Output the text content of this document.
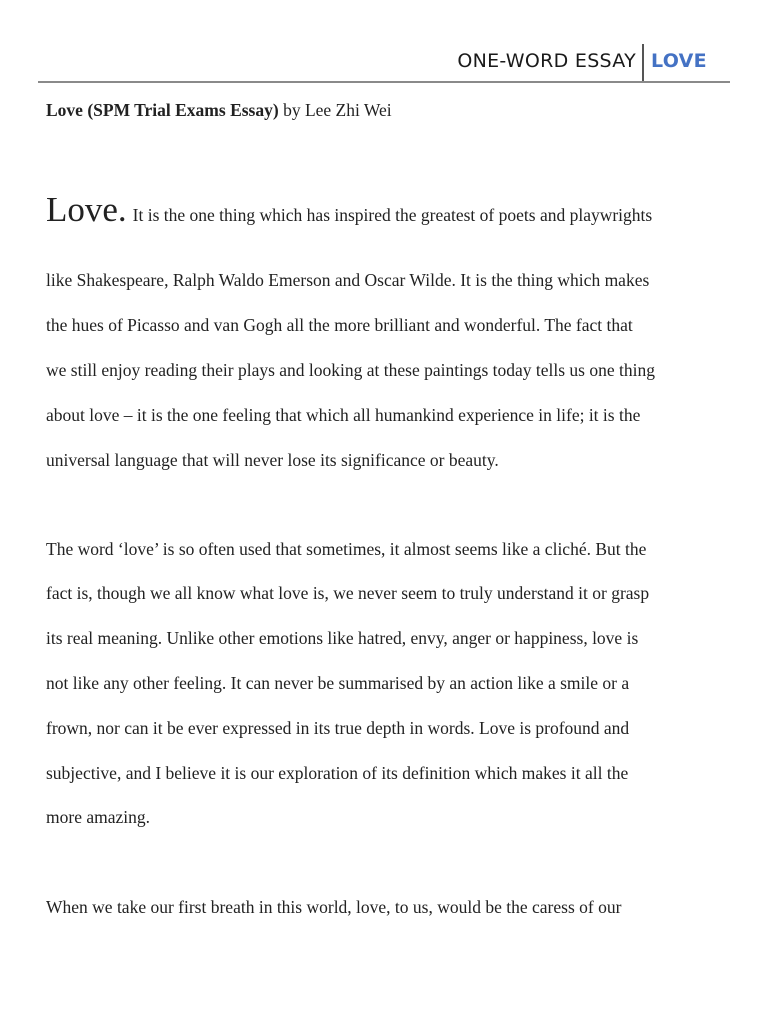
ONE-WORD ESSAY LOVE
Love (SPM Trial Exams Essay) by Lee Zhi Wei
Love. It is the one thing which has inspired the greatest of poets and playwrights
like Shakespeare, Ralph Waldo Emerson and Oscar Wilde. It is the thing which makes
the hues of Picasso and van Gogh all the more brilliant and wonderful. The fact that
we still enjoy reading their plays and looking at these paintings today tells us one thing
about love – it is the one feeling that which all humankind experience in life; it is the
universal language that will never lose its significance or beauty.
The word ‘love’ is so often used that sometimes, it almost seems like a cliché. But the
fact is, though we all know what love is, we never seem to truly understand it or grasp
its real meaning. Unlike other emotions like hatred, envy, anger or happiness, love is
not like any other feeling. It can never be summarised by an action like a smile or a
frown, nor can it be ever expressed in its true depth in words. Love is profound and
subjective, and I believe it is our exploration of its definition which makes it all the
more amazing.
When we take our first breath in this world, love, to us, would be the caress of our
